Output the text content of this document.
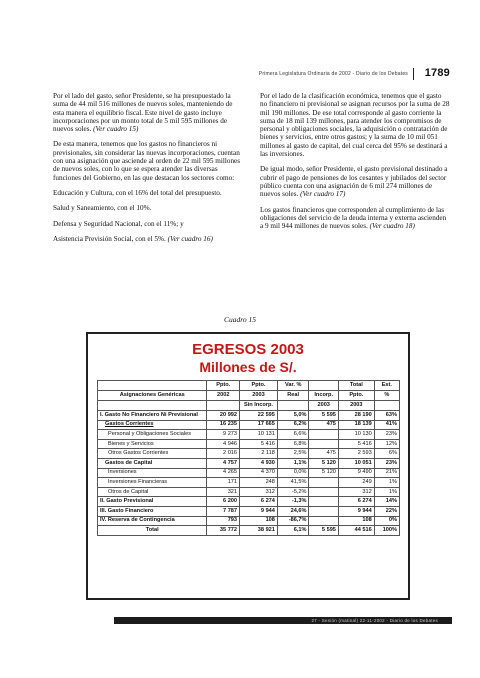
Primera Legislatura Ordinaria de 2002 - Diario de los Debates 1789

Por el lado del gasto, señor Presidente, se ha presupuestado la suma de 44 mil 516 millones de nuevos soles, manteniendo de esta manera el equilibrio fiscal. Este nivel de gasto incluye incorporaciones por un monto total de 5 mil 595 millones de nuevos soles. (Ver cuadro 15)

De esta manera, tenemos que los gastos no financieros ni previsionales, sin considerar las nuevas incorporaciones, cuentan con una asignación que asciende al orden de 22 mil 595 millones de nuevos soles, con lo que se espera atender las diversas funciones del Gobierno, en las que destacan los sectores como:

Educación y Cultura, con el 16% del total del presupuesto.

Salud y Saneamiento, con el 10%.

Defensa y Seguridad Nacional, con el 11%; y

Asistencia Previsión Social, con el 5%. (Ver cuadro 16)

Por el lado de la clasificación económica, tenemos que el gasto no financiero ni previsional se asignan recursos por la suma de 28 mil 190 millones. De ese total corresponde al gasto corriente la suma de 18 mil 139 millones, para atender los compromisos de personal y obligaciones sociales, la adquisición o contratación de bienes y servicios, entre otros gastos; y la suma de 10 mil 051 millones al gasto de capital, del cual cerca del 95% se destinará a las inversiones.

De igual modo, señor Presidente, el gasto previsional destinado a cubrir el pago de pensiones de los cesantes y jubilados del sector público cuenta con una asignación de 6 mil 274 millones de nuevos soles. (Ver cuadro 17)

Los gastos financieros que corresponden al cumplimiento de las obligaciones del servicio de la deuda interna y externa ascienden a 9 mil 944 millones de nuevos soles. (Ver cuadro 18)

Cuadro 15
EGRESOS 2003
Millones de S/.
	Ppto.	Ppto.	Var. %		Total	Est.
Asignaciones Genéricas	2002	2003	Real	Incorp.	Ppto.	%
		Sin Incorp.		2003	2003	
I. Gasto No Financiero Ni Previsional	20 992	22 595	5,0%	5 595	28 190	63%
Gastos Corrientes	16 235	17 665	6,2%	475	18 139	41%
Personal y Obligaciones Sociales	9 273	10 131	6,6%		10 130	23%
Bienes y Servicios	4 946	5 416	6,8%		5 416	12%
Otros Gastos Corrientes	2 016	2 118	2,5%	475	2 593	6%
Gastos de Capital	4 757	4 930	1,1%	5 120	10 051	23%
Inversiones	4 265	4 370	0,0%	5 120	9 490	21%
Inversiones Financieras	171	248	41,5%		249	1%
Otros de Capital	321	312	-5,2%		312	1%
II. Gasto Previsional	6 200	6 274	-1,3%		6 274	14%
III. Gasto Financiero	7 787	9 944	24,6%		9 944	22%
IV. Reserva de Contingencia	793	108	-86,7%		108	0%
Total	35 772	38 921	6,1%	5 595	44 516	100%
27 - Sesión (matinal) 22-11-2002 - Diario de los Debates
